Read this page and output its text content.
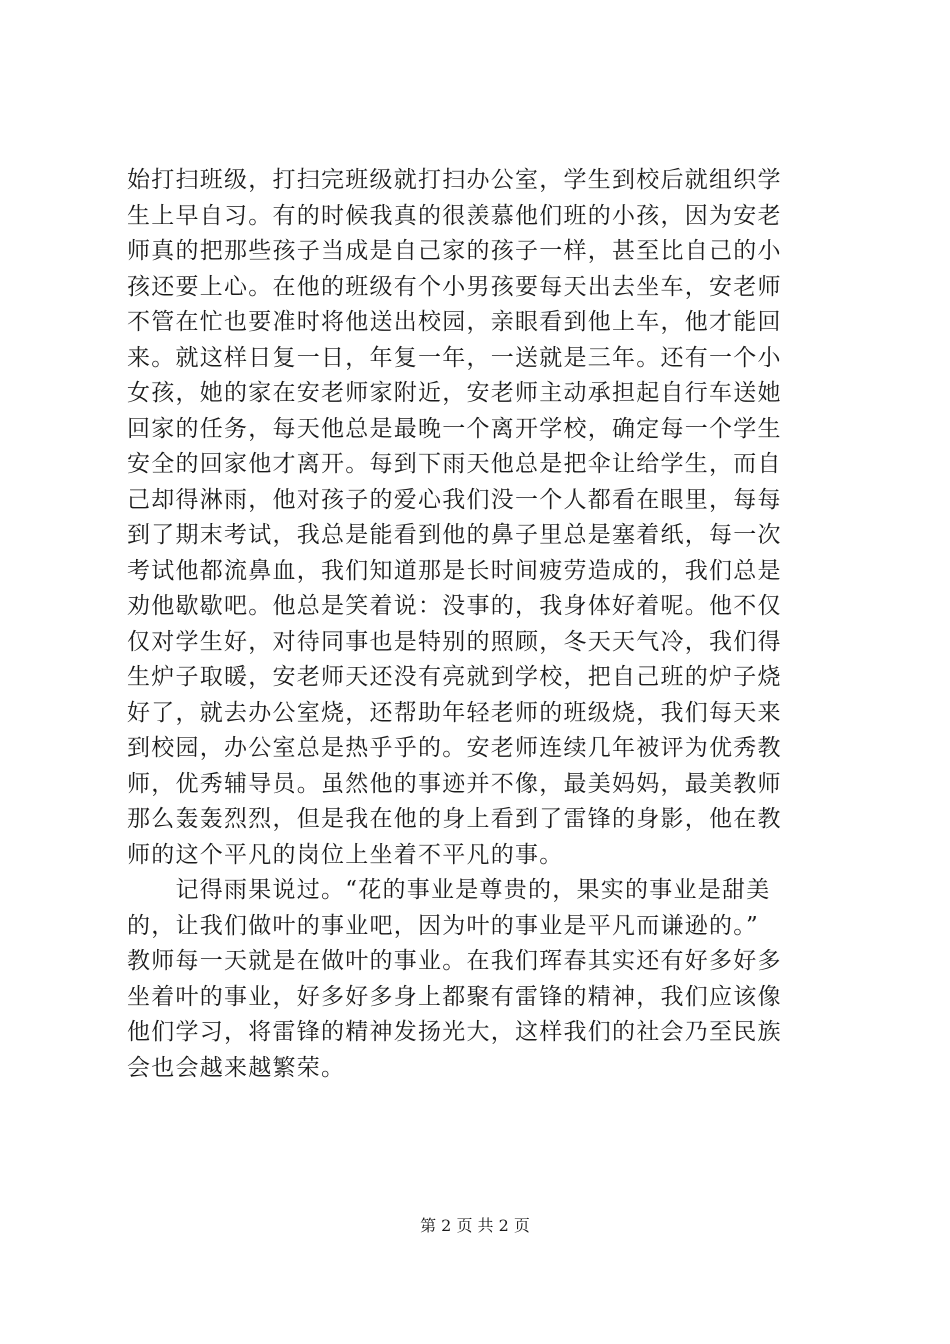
始打扫班级，打扫完班级就打扫办公室，学生到校后就组织学
生上早自习。有的时候我真的很羡慕他们班的小孩，因为安老
师真的把那些孩子当成是自己家的孩子一样，甚至比自己的小
孩还要上心。在他的班级有个小男孩要每天出去坐车，安老师
不管在忙也要准时将他送出校园，亲眼看到他上车，他才能回
来。就这样日复一日，年复一年，一送就是三年。还有一个小
女孩，她的家在安老师家附近，安老师主动承担起自行车送她
回家的任务，每天他总是最晚一个离开学校，确定每一个学生
安全的回家他才离开。每到下雨天他总是把伞让给学生，而自
己却得淋雨，他对孩子的爱心我们没一个人都看在眼里，每每
到了期末考试，我总是能看到他的鼻子里总是塞着纸，每一次
考试他都流鼻血，我们知道那是长时间疲劳造成的，我们总是
劝他歇歇吧。他总是笑着说：没事的，我身体好着呢。他不仅
仅对学生好，对待同事也是特别的照顾，冬天天气冷，我们得
生炉子取暖，安老师天还没有亮就到学校，把自己班的炉子烧
好了，就去办公室烧，还帮助年轻老师的班级烧，我们每天来
到校园，办公室总是热乎乎的。安老师连续几年被评为优秀教
师，优秀辅导员。虽然他的事迹并不像，最美妈妈，最美教师
那么轰轰烈烈，但是我在他的身上看到了雷锋的身影，他在教
师的这个平凡的岗位上坐着不平凡的事。
　　记得雨果说过。“花的事业是尊贵的，果实的事业是甜美
的，让我们做叶的事业吧，因为叶的事业是平凡而谦逊的。”
教师每一天就是在做叶的事业。在我们珲春其实还有好多好多
坐着叶的事业，好多好多身上都聚有雷锋的精神，我们应该像
他们学习，将雷锋的精神发扬光大，这样我们的社会乃至民族
会也会越来越繁荣。
第 2 页 共 2 页
